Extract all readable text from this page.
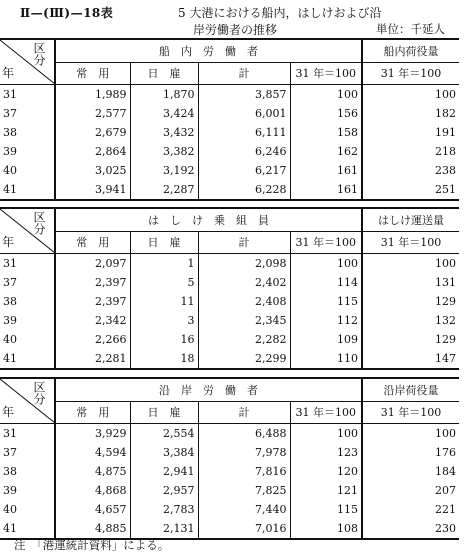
Ⅱ—(Ⅲ)—18表	5 大港における船内，はしけおよび沿
岸労働者の推移	単位：千延人
区分
年	船　内　労　働　者				船内荷役量
	常　用	日　雇	計	31 年＝100	31 年＝100
31	1,989	1,870	3,857	100	100
37	2,577	3,424	6,001	156	182
38	2,679	3,432	6,111	158	191
39	2,864	3,382	6,246	162	218
40	3,025	3,192	6,217	161	238
41	3,941	2,287	6,228	161	251
区分
年	は　し　け　乗　組　員				はしけ運送量
	常　用	日　雇	計	31 年＝100	31 年＝100
31	2,097	1	2,098	100	100
37	2,397	5	2,402	114	131
38	2,397	11	2,408	115	129
39	2,342	3	2,345	112	132
40	2,266	16	2,282	109	129
41	2,281	18	2,299	110	147
区分
年	沿　岸　労　働　者				沿岸荷役量
	常　用	日　雇	計	31 年＝100	31 年＝100
31	3,929	2,554	6,488	100	100
37	4,594	3,384	7,978	123	176
38	4,875	2,941	7,816	120	184
39	4,868	2,957	7,825	121	207
40	4,657	2,783	7,440	115	221
41	4,885	2,131	7,016	108	230
注　「港運統計資料」による。
